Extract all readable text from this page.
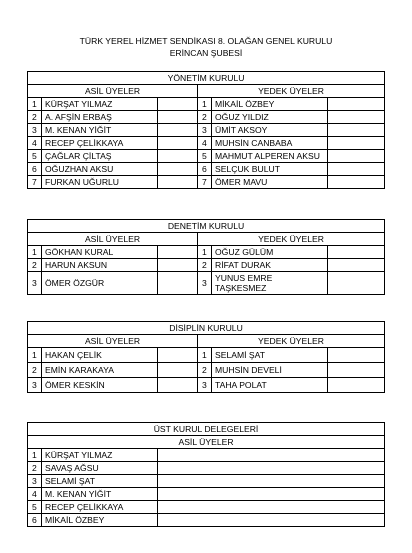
TÜRK YEREL HİZMET SENDİKASI 8. OLAĞAN GENEL KURULU
ERİNCAN ŞUBESİ
YÖNETİM KURULU					
ASİL ÜYELER			YEDEK ÜYELER		
1	KÜRŞAT YILMAZ		1	MİKAİL ÖZBEY	
2	A. AFŞİN ERBAŞ		2	OĞUZ YILDIZ	
3	M. KENAN YİĞİT		3	ÜMİT AKSOY	
4	RECEP ÇELİKKAYA		4	MUHSİN CANBABA	
5	ÇAĞLAR ÇİLTAŞ		5	MAHMUT ALPEREN AKSU	
6	OĞUZHAN AKSU		6	SELÇUK BULUT	
7	FURKAN UĞURLU		7	ÖMER MAVU	
DENETİM KURULU					
ASİL ÜYELER			YEDEK ÜYELER		
1	GÖKHAN KURAL		1	OĞUZ GÜLÜM	
2	HARUN AKSUN		2	RİFAT DURAK	
3	ÖMER ÖZGÜR		3	YUNUS EMRE TAŞKESMEZ	
DİSİPLİN KURULU					
ASİL ÜYELER			YEDEK ÜYELER		
1	HAKAN ÇELİK		1	SELAMİ ŞAT	
2	EMİN KARAKAYA		2	MUHSİN DEVELİ	
3	ÖMER KESKİN		3	TAHA POLAT	
ÜST KURUL DELEGELERİ		
ASİL ÜYELER		
1	KÜRŞAT YILMAZ	
2	SAVAŞ AĞSU	
3	SELAMİ ŞAT	
4	M. KENAN YİĞİT	
5	RECEP ÇELİKKAYA	
6	MİKAİL ÖZBEY	
